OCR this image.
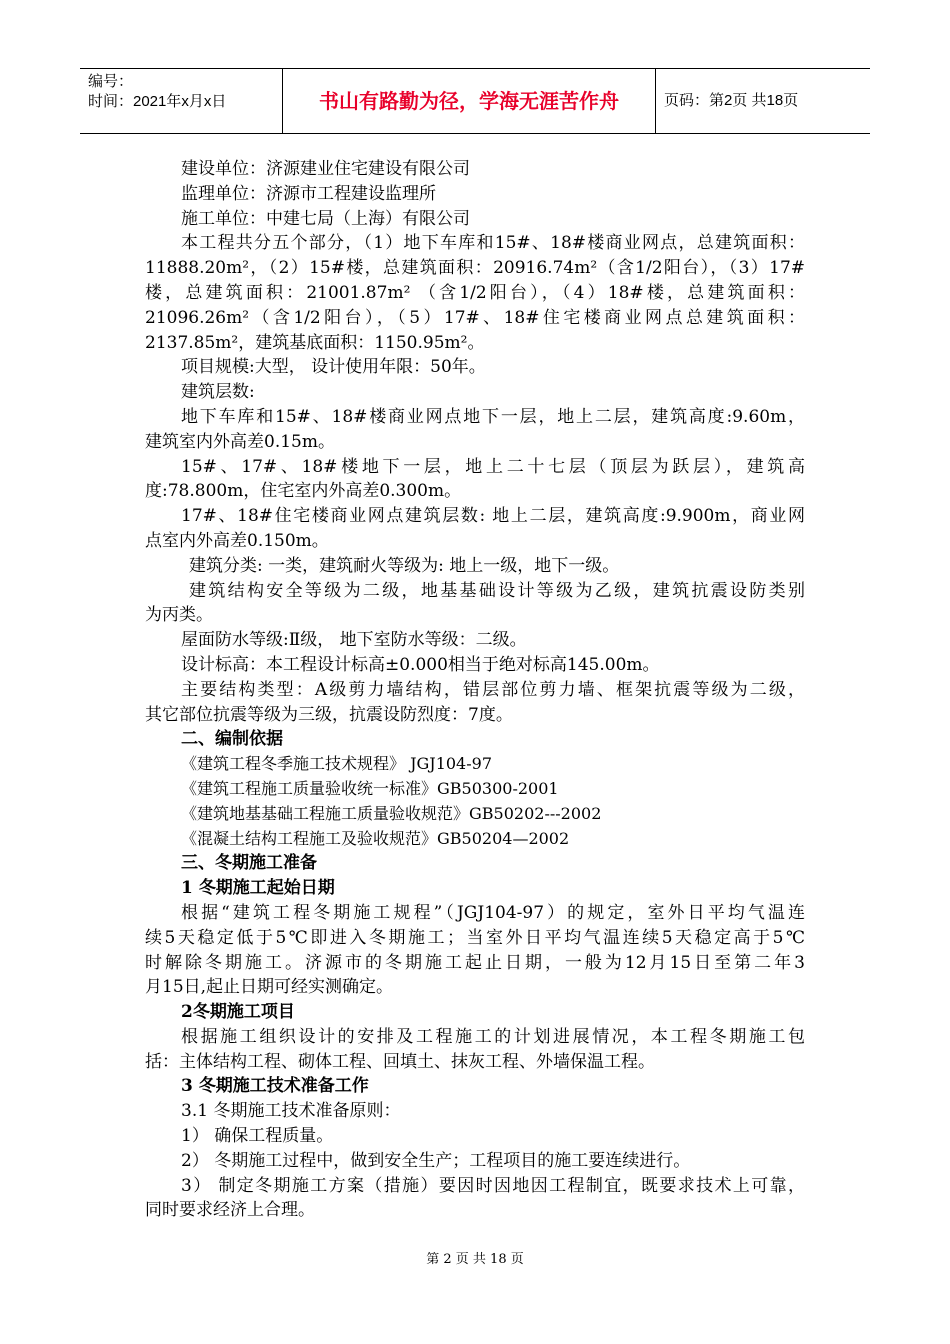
编号：
时间：2021年x月x日	书山有路勤为径，学海无涯苦作舟	页码：第2页 共18页

建设单位：济源建业住宅建设有限公司

监理单位：济源市工程建设监理所

施工单位：中建七局（上海）有限公司

本工程共分五个部分，（1）地下车库和15#、18#楼商业网点，总建筑面积：

11888.20m²，（2）15#楼，总建筑面积：20916.74m²（含1/2阳台），（3）17#

楼，总建筑面积：21001.87m² （含1/2阳台），（4）18#楼，总建筑面积：

21096.26m²（含1/2阳台），（5）17#、18#住宅楼商业网点总建筑面积：

2137.85m²，建筑基底面积：1150.95m²。

项目规模:大型， 设计使用年限：50年。

建筑层数:

地下车库和15#、18#楼商业网点地下一层，地上二层，建筑高度:9.60m，

建筑室内外高差0.15m。

15#、17#、18#楼地下一层，地上二十七层（顶层为跃层），建筑高

度:78.800m，住宅室内外高差0.300m。

17#、18#住宅楼商业网点建筑层数: 地上二层，建筑高度:9.900m，商业网

点室内外高差0.150m。

建筑分类: 一类，建筑耐火等级为: 地上一级，地下一级。

建筑结构安全等级为二级，地基基础设计等级为乙级，建筑抗震设防类别

为丙类。

屋面防水等级:Ⅱ级， 地下室防水等级：二级。

设计标高：本工程设计标高±0.000相当于绝对标高145.00m。

主要结构类型：A级剪力墙结构，错层部位剪力墙、框架抗震等级为二级，

其它部位抗震等级为三级，抗震设防烈度：7度。

二、编制依据

《建筑工程冬季施工技术规程》 JGJ104-97

《建筑工程施工质量验收统一标准》GB50300-2001

《建筑地基基础工程施工质量验收规范》GB50202---2002

《混凝土结构工程施工及验收规范》GB50204—2002

三、冬期施工准备

1 冬期施工起始日期

根据“建筑工程冬期施工规程”（JGJ104-97）的规定，室外日平均气温连

续5天稳定低于5℃即进入冬期施工；当室外日平均气温连续5天稳定高于5℃

时解除冬期施工。济源市的冬期施工起止日期，一般为12月15日至第二年3

月15日,起止日期可经实测确定。

2冬期施工项目

根据施工组织设计的安排及工程施工的计划进展情况，本工程冬期施工包

括：主体结构工程、砌体工程、回填土、抹灰工程、外墙保温工程。

3 冬期施工技术准备工作

3.1 冬期施工技术准备原则：

1） 确保工程质量。

2） 冬期施工过程中，做到安全生产；工程项目的施工要连续进行。

3） 制定冬期施工方案（措施）要因时因地因工程制宜，既要求技术上可靠，

同时要求经济上合理。

第 2 页 共 18 页
